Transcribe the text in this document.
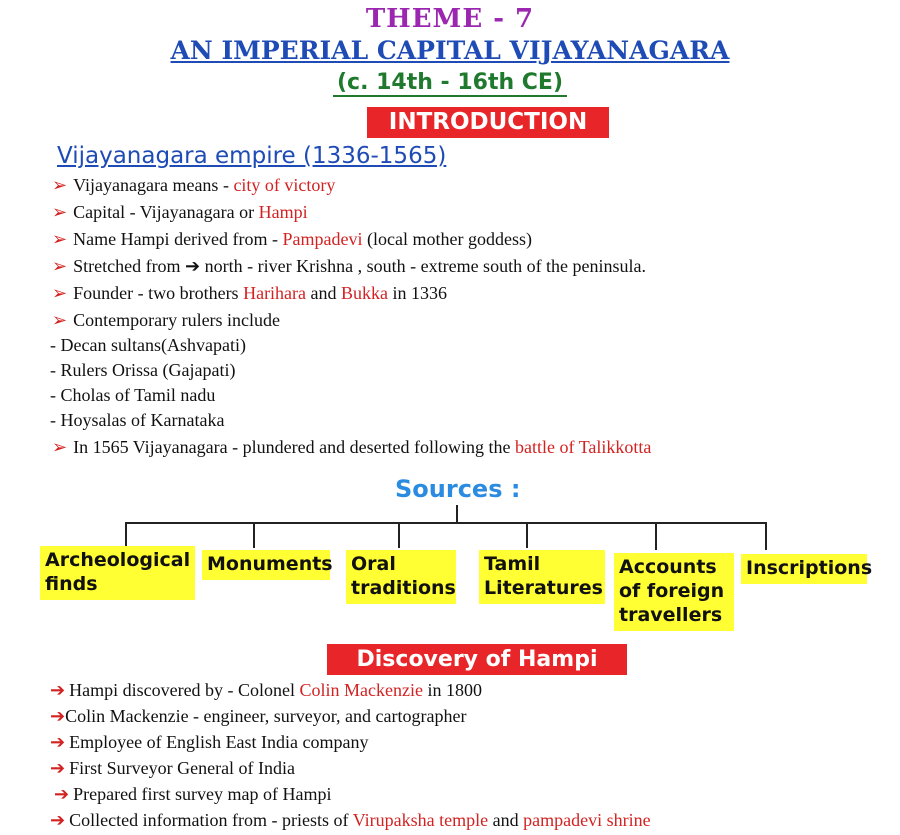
THEME - 7
AN IMPERIAL CAPITAL VIJAYANAGARA
(c. 14th - 16th CE)
INTRODUCTION
Vijayanagara empire (1336-1565)
➢ Vijayanagara means - city of victory
➢ Capital - Vijayanagara or Hampi
➢ Name Hampi derived from - Pampadevi (local mother goddess)
➢ Stretched from ➔ north - river Krishna , south - extreme south of the peninsula.
➢ Founder - two brothers Harihara and Bukka in 1336
➢ Contemporary rulers include
- Decan sultans(Ashvapati)
- Rulers Orissa (Gajapati)
- Cholas of Tamil nadu
- Hoysalas of Karnataka
➢ In 1565 Vijayanagara - plundered and deserted following the battle of Talikkotta
Sources :
Archeological
finds
Monuments Oral
traditions
Tamil
Literatures
Accounts
of foreign
travellers
Inscriptions
Discovery of Hampi
➔ Hampi discovered by - Colonel Colin Mackenzie in 1800
➔Colin Mackenzie - engineer, surveyor, and cartographer
➔ Employee of English East India company
➔ First Surveyor General of India
➔ Prepared first survey map of Hampi
➔ Collected information from - priests of Virupaksha temple and pampadevi shrine
